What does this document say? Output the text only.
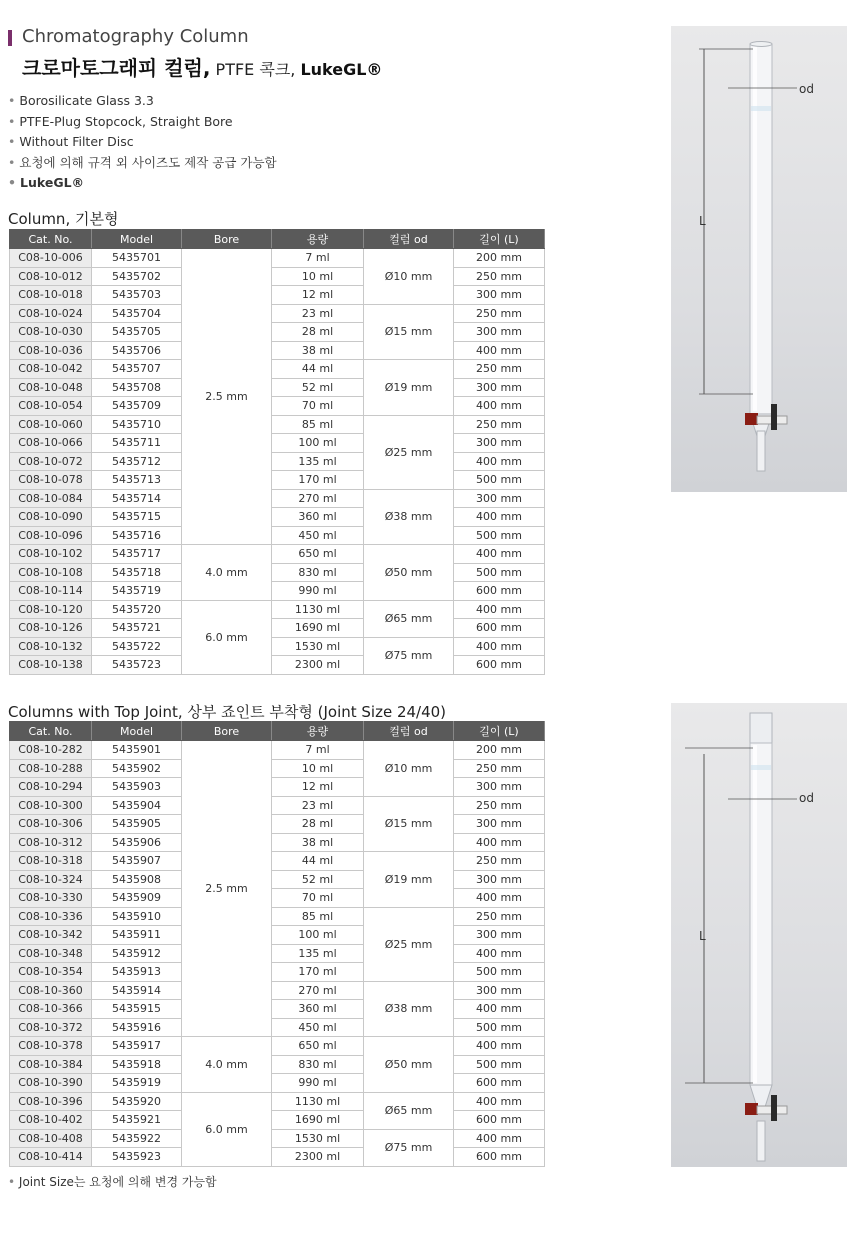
Chromatography Column
크로마토그래피 컬럼, PTFE 콕크, LukeGL®
• Borosilicate Glass 3.3
• PTFE-Plug Stopcock, Straight Bore
• Without Filter Disc
• 요청에 의해 규격 외 사이즈도 제작 공급 가능함
• LukeGL®
Column, 기본형
Cat. No.	Model	Bore	용량	컬럼 od	길이 (L)
C08-10-006	5435701	2.5 mm	7 ml	Ø10 mm	200 mm
C08-10-012	5435702		10 ml		250 mm
C08-10-018	5435703		12 ml		300 mm
C08-10-024	5435704		23 ml	Ø15 mm	250 mm
C08-10-030	5435705		28 ml		300 mm
C08-10-036	5435706		38 ml		400 mm
C08-10-042	5435707		44 ml	Ø19 mm	250 mm
C08-10-048	5435708		52 ml		300 mm
C08-10-054	5435709		70 ml		400 mm
C08-10-060	5435710		85 ml	Ø25 mm	250 mm
C08-10-066	5435711		100 ml		300 mm
C08-10-072	5435712		135 ml		400 mm
C08-10-078	5435713		170 ml		500 mm
C08-10-084	5435714		270 ml	Ø38 mm	300 mm
C08-10-090	5435715		360 ml		400 mm
C08-10-096	5435716		450 ml		500 mm
C08-10-102	5435717	4.0 mm	650 ml	Ø50 mm	400 mm
C08-10-108	5435718		830 ml		500 mm
C08-10-114	5435719		990 ml		600 mm
C08-10-120	5435720	6.0 mm	1130 ml	Ø65 mm	400 mm
C08-10-126	5435721		1690 ml		600 mm
C08-10-132	5435722		1530 ml	Ø75 mm	400 mm
C08-10-138	5435723		2300 ml		600 mm
Columns with Top Joint, 상부 죠인트 부착형 (Joint Size 24/40)
Cat. No.	Model	Bore	용량	컬럼 od	길이 (L)
C08-10-282	5435901	2.5 mm	7 ml	Ø10 mm	200 mm
C08-10-288	5435902		10 ml		250 mm
C08-10-294	5435903		12 ml		300 mm
C08-10-300	5435904		23 ml	Ø15 mm	250 mm
C08-10-306	5435905		28 ml		300 mm
C08-10-312	5435906		38 ml		400 mm
C08-10-318	5435907		44 ml	Ø19 mm	250 mm
C08-10-324	5435908		52 ml		300 mm
C08-10-330	5435909		70 ml		400 mm
C08-10-336	5435910		85 ml	Ø25 mm	250 mm
C08-10-342	5435911		100 ml		300 mm
C08-10-348	5435912		135 ml		400 mm
C08-10-354	5435913		170 ml		500 mm
C08-10-360	5435914		270 ml	Ø38 mm	300 mm
C08-10-366	5435915		360 ml		400 mm
C08-10-372	5435916		450 ml		500 mm
C08-10-378	5435917	4.0 mm	650 ml	Ø50 mm	400 mm
C08-10-384	5435918		830 ml		500 mm
C08-10-390	5435919		990 ml		600 mm
C08-10-396	5435920	6.0 mm	1130 ml	Ø65 mm	400 mm
C08-10-402	5435921		1690 ml		600 mm
C08-10-408	5435922		1530 ml	Ø75 mm	400 mm
C08-10-414	5435923		2300 ml		600 mm
• Joint Size는 요청에 의해 변경 가능함
od
L
od
L
